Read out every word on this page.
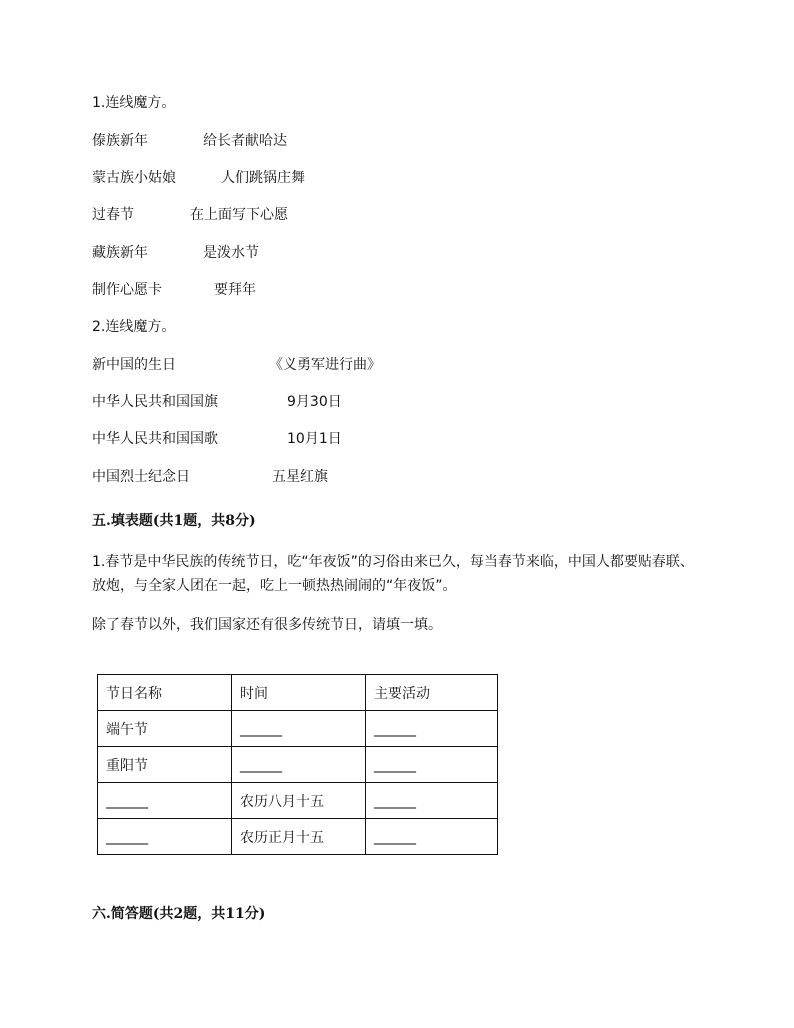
1.连线魔方。
傣族新年	给长者献哈达
蒙古族小姑娘	人们跳锅庄舞
过春节	在上面写下心愿
藏族新年	是泼水节
制作心愿卡	要拜年
2.连线魔方。
新中国的生日	《义勇军进行曲》
中华人民共和国国旗	9月30日
中华人民共和国国歌	10月1日
中国烈士纪念日	五星红旗
五.填表题(共1题，共8分)
1.春节是中华民族的传统节日，吃“年夜饭”的习俗由来已久，每当春节来临，中国人都要贴春联、放炮，与全家人团在一起，吃上一顿热热闹闹的“年夜饭”。
除了春节以外，我们国家还有很多传统节日，请填一填。
节日名称	时间	主要活动
端午节	______	______
重阳节	______	______
______	农历八月十五	______
______	农历正月十五	______
六.简答题(共2题，共11分)
